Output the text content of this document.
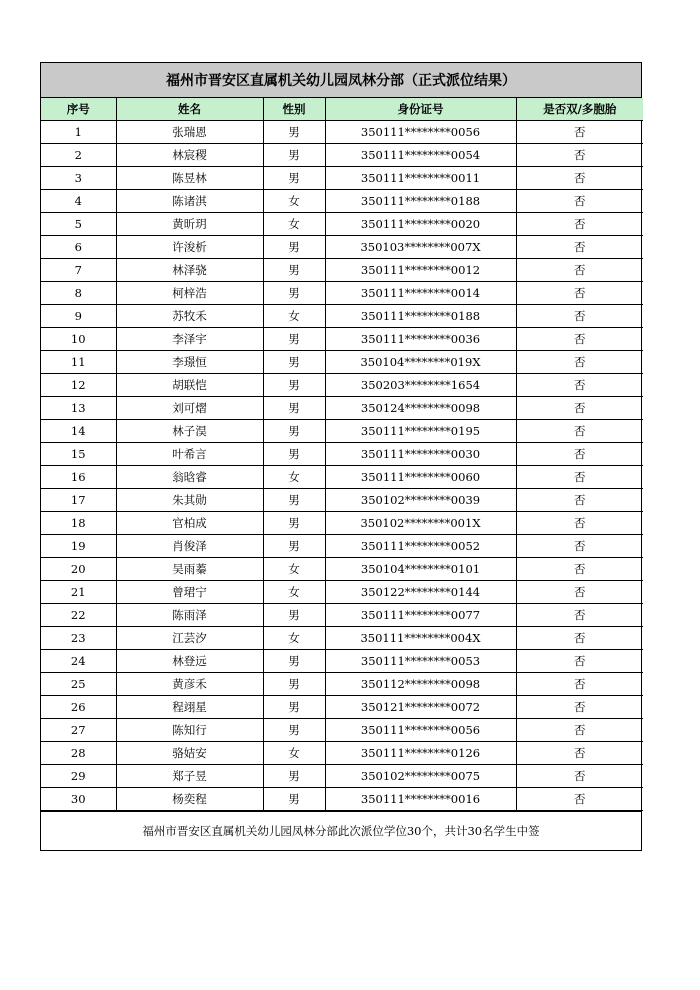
福州市晋安区直属机关幼儿园凤林分部（正式派位结果）
序号	姓名	性别	身份证号	是否双/多胞胎
1	张瑞恩	男	350111********0056	否
2	林宸稷	男	350111********0054	否
3	陈昱林	男	350111********0011	否
4	陈诸淇	女	350111********0188	否
5	黄昕玥	女	350111********0020	否
6	许浚析	男	350103********007X	否
7	林泽骁	男	350111********0012	否
8	柯梓浩	男	350111********0014	否
9	苏牧禾	女	350111********0188	否
10	李泽宇	男	350111********0036	否
11	李璟恒	男	350104********019X	否
12	胡联恺	男	350203********1654	否
13	刘可熠	男	350124********0098	否
14	林子淏	男	350111********0195	否
15	叶希言	男	350111********0030	否
16	翁晗睿	女	350111********0060	否
17	朱其勋	男	350102********0039	否
18	官柏成	男	350102********001X	否
19	肖俊泽	男	350111********0052	否
20	吴雨蓁	女	350104********0101	否
21	曾珺宁	女	350122********0144	否
22	陈雨泽	男	350111********0077	否
23	江芸汐	女	350111********004X	否
24	林登远	男	350111********0053	否
25	黄彦禾	男	350112********0098	否
26	程翊星	男	350121********0072	否
27	陈知行	男	350111********0056	否
28	骆姞安	女	350111********0126	否
29	郑子昱	男	350102********0075	否
30	杨奕程	男	350111********0016	否
福州市晋安区直属机关幼儿园凤林分部此次派位学位30个，共计30名学生中签
